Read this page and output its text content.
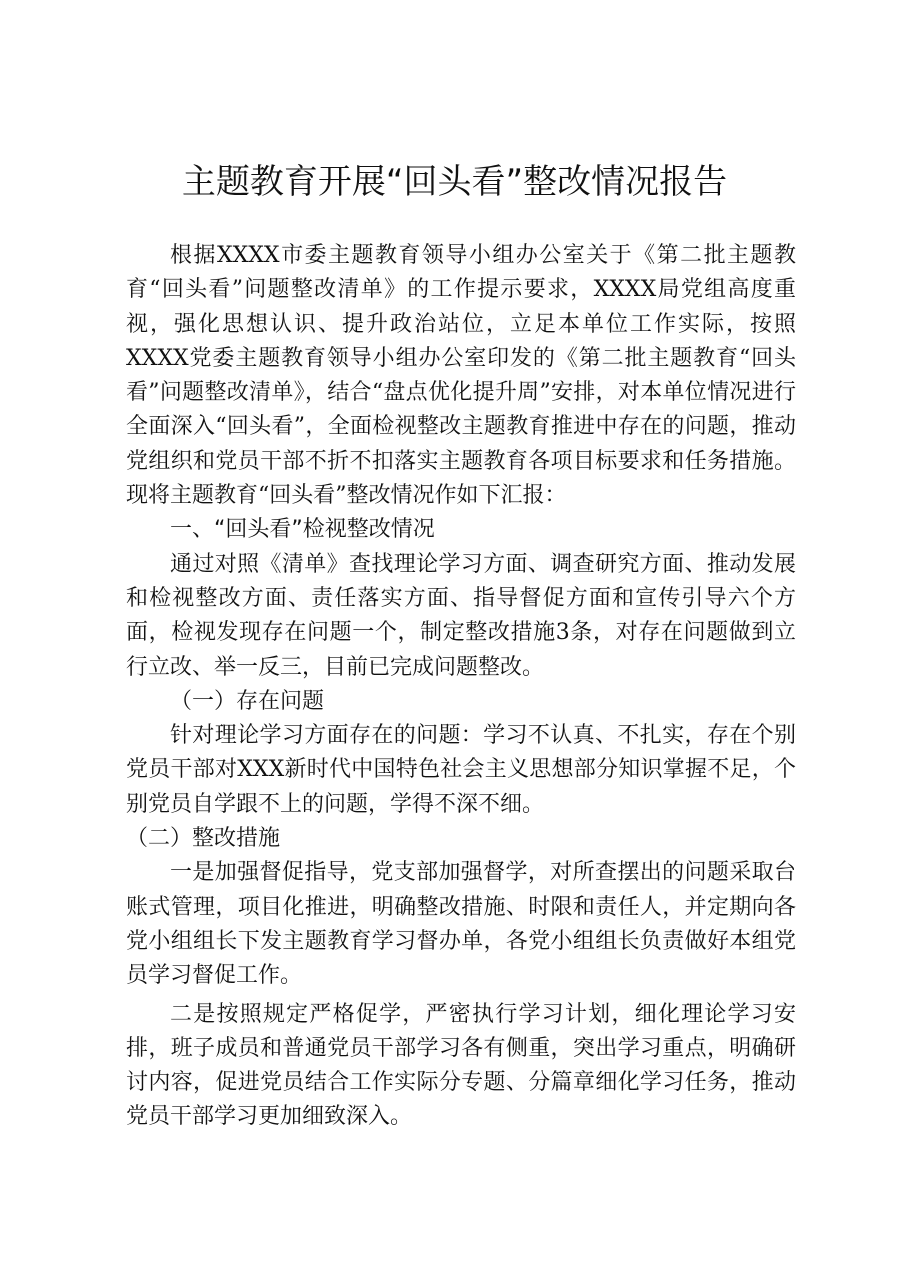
主题教育开展“回头看”整改情况报告

根据XXXX市委主题教育领导小组办公室关于《第二批主题教育“回头看”问题整改清单》的工作提示要求，XXXX局党组高度重视，强化思想认识、提升政治站位，立足本单位工作实际，按照XXXX党委主题教育领导小组办公室印发的《第二批主题教育“回头看”问题整改清单》，结合“盘点优化提升周”安排，对本单位情况进行全面深入“回头看”，全面检视整改主题教育推进中存在的问题，推动党组织和党员干部不折不扣落实主题教育各项目标要求和任务措施。现将主题教育“回头看”整改情况作如下汇报：

一、“回头看”检视整改情况

通过对照《清单》查找理论学习方面、调查研究方面、推动发展和检视整改方面、责任落实方面、指导督促方面和宣传引导六个方面，检视发现存在问题一个，制定整改措施3条，对存在问题做到立行立改、举一反三，目前已完成问题整改。

（一）存在问题

针对理论学习方面存在的问题：学习不认真、不扎实，存在个别党员干部对XXX新时代中国特色社会主义思想部分知识掌握不足，个别党员自学跟不上的问题，学得不深不细。

（二）整改措施

一是加强督促指导，党支部加强督学，对所查摆出的问题采取台账式管理，项目化推进，明确整改措施、时限和责任人，并定期向各党小组组长下发主题教育学习督办单，各党小组组长负责做好本组党员学习督促工作。

二是按照规定严格促学，严密执行学习计划，细化理论学习安排，班子成员和普通党员干部学习各有侧重，突出学习重点，明确研讨内容，促进党员结合工作实际分专题、分篇章细化学习任务，推动党员干部学习更加细致深入。
